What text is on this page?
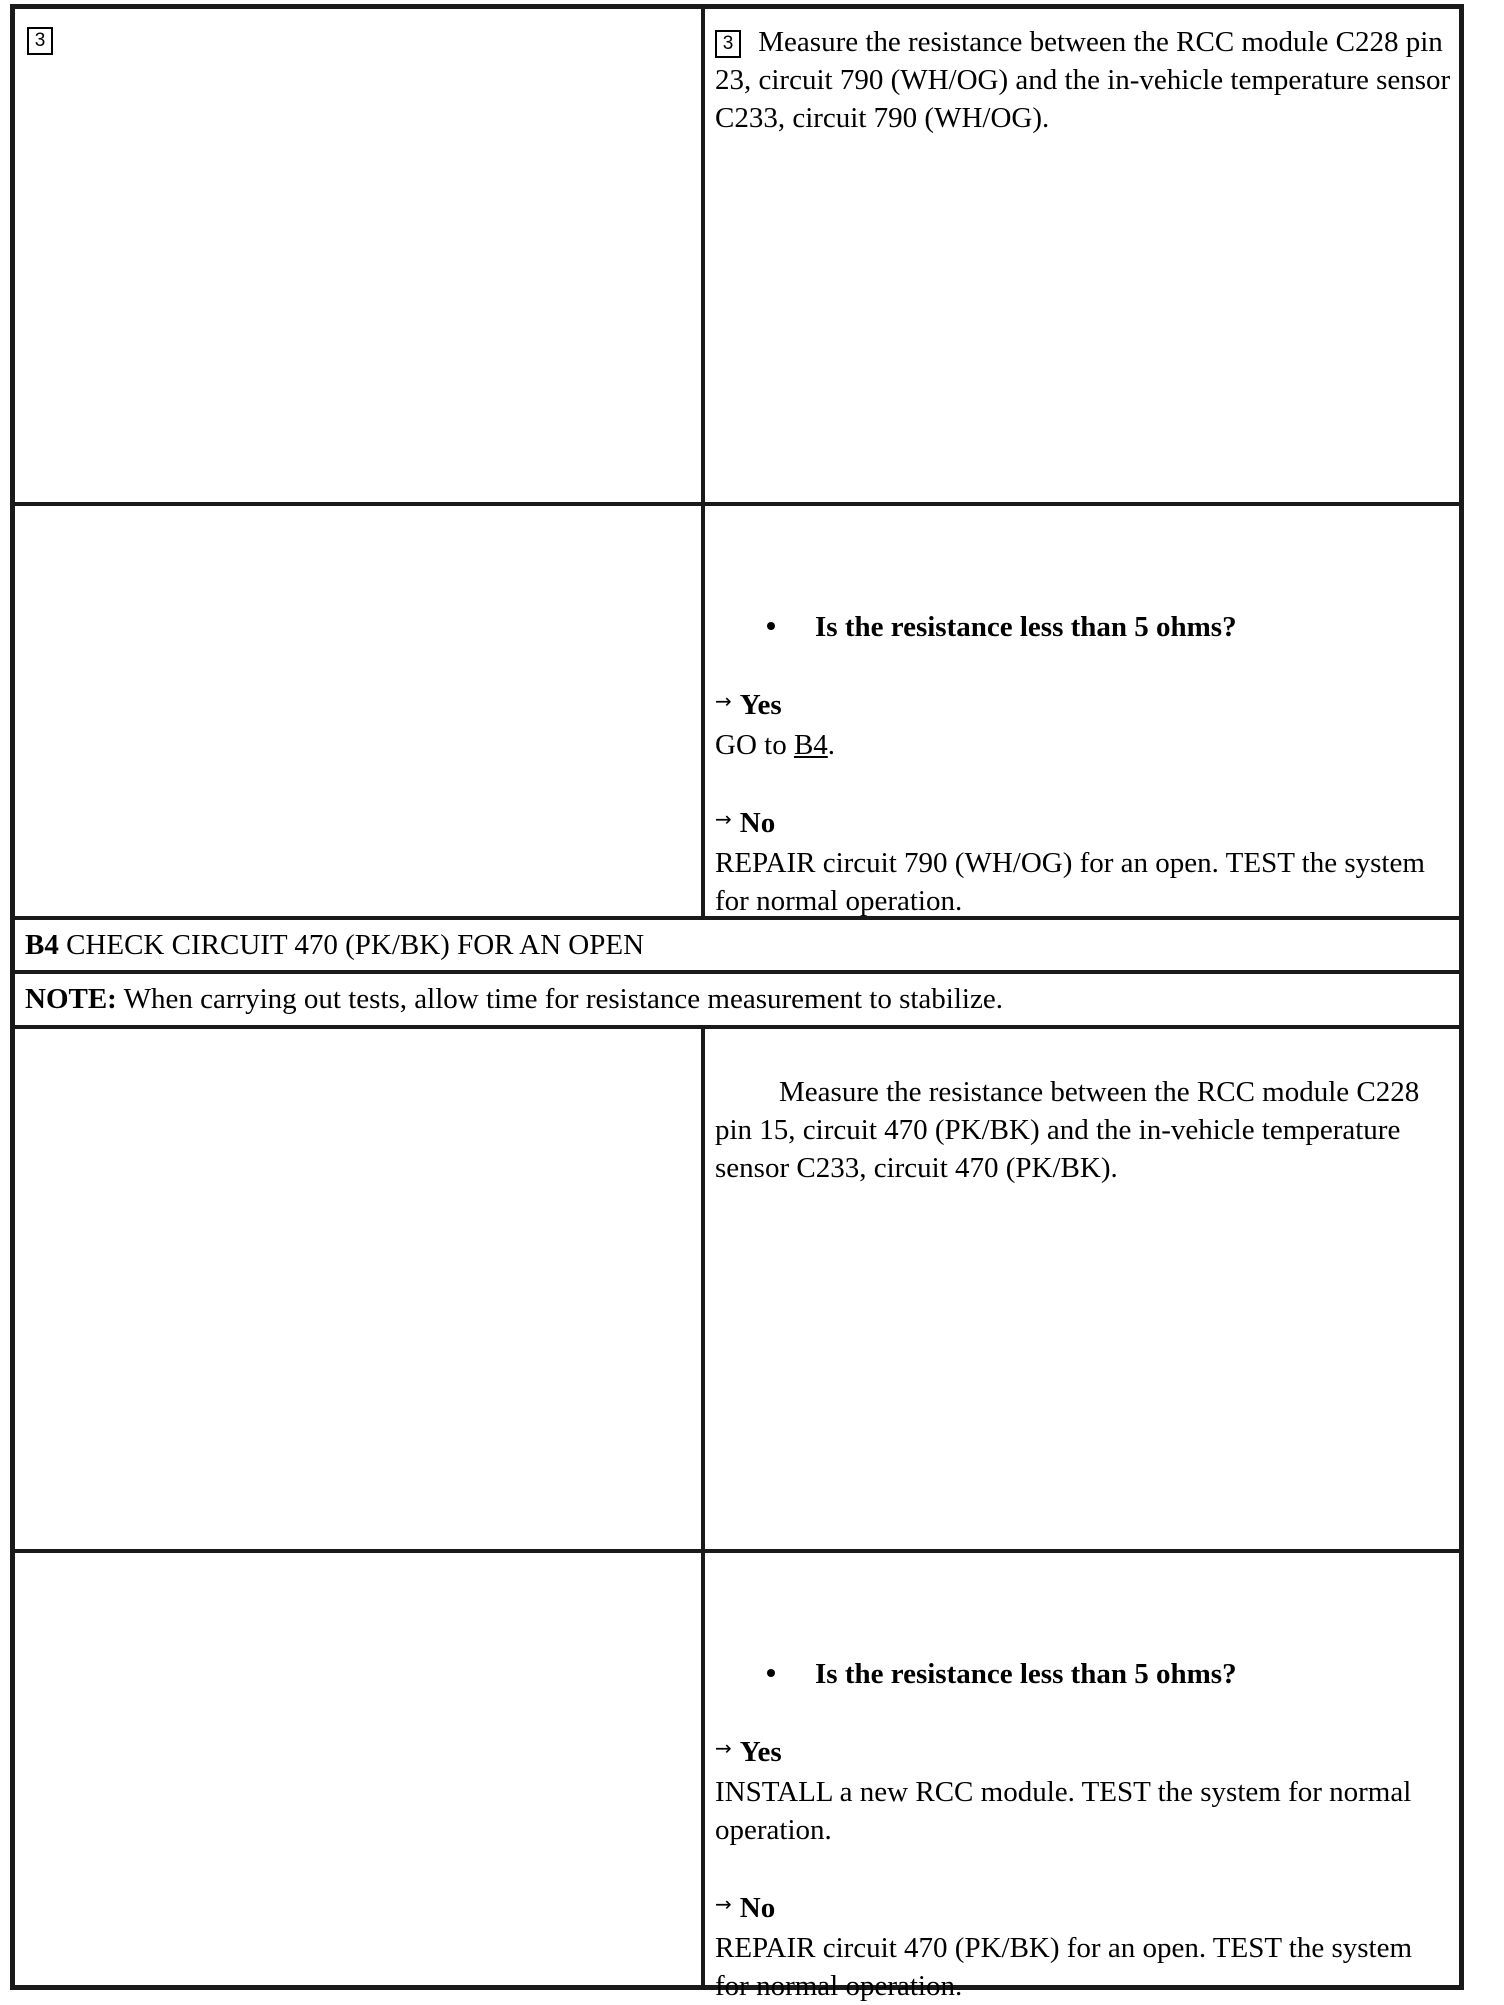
3	3 Measure the resistance between the RCC module C228 pin 23, circuit 790 (WH/OG) and the in-vehicle temperature sensor C233, circuit 790 (WH/OG).
Is the resistance less than 5 ohms?
→ Yes
GO to B4.
→ No
REPAIR circuit 790 (WH/OG) for an open. TEST the system for normal operation.
B4 CHECK CIRCUIT 470 (PK/BK) FOR AN OPEN
NOTE: When carrying out tests, allow time for resistance measurement to stabilize.
Measure the resistance between the RCC module C228 pin 15, circuit 470 (PK/BK) and the in-vehicle temperature sensor C233, circuit 470 (PK/BK).
Is the resistance less than 5 ohms?
→ Yes
INSTALL a new RCC module. TEST the system for normal operation.
→ No
REPAIR circuit 470 (PK/BK) for an open. TEST the system for normal operation.
